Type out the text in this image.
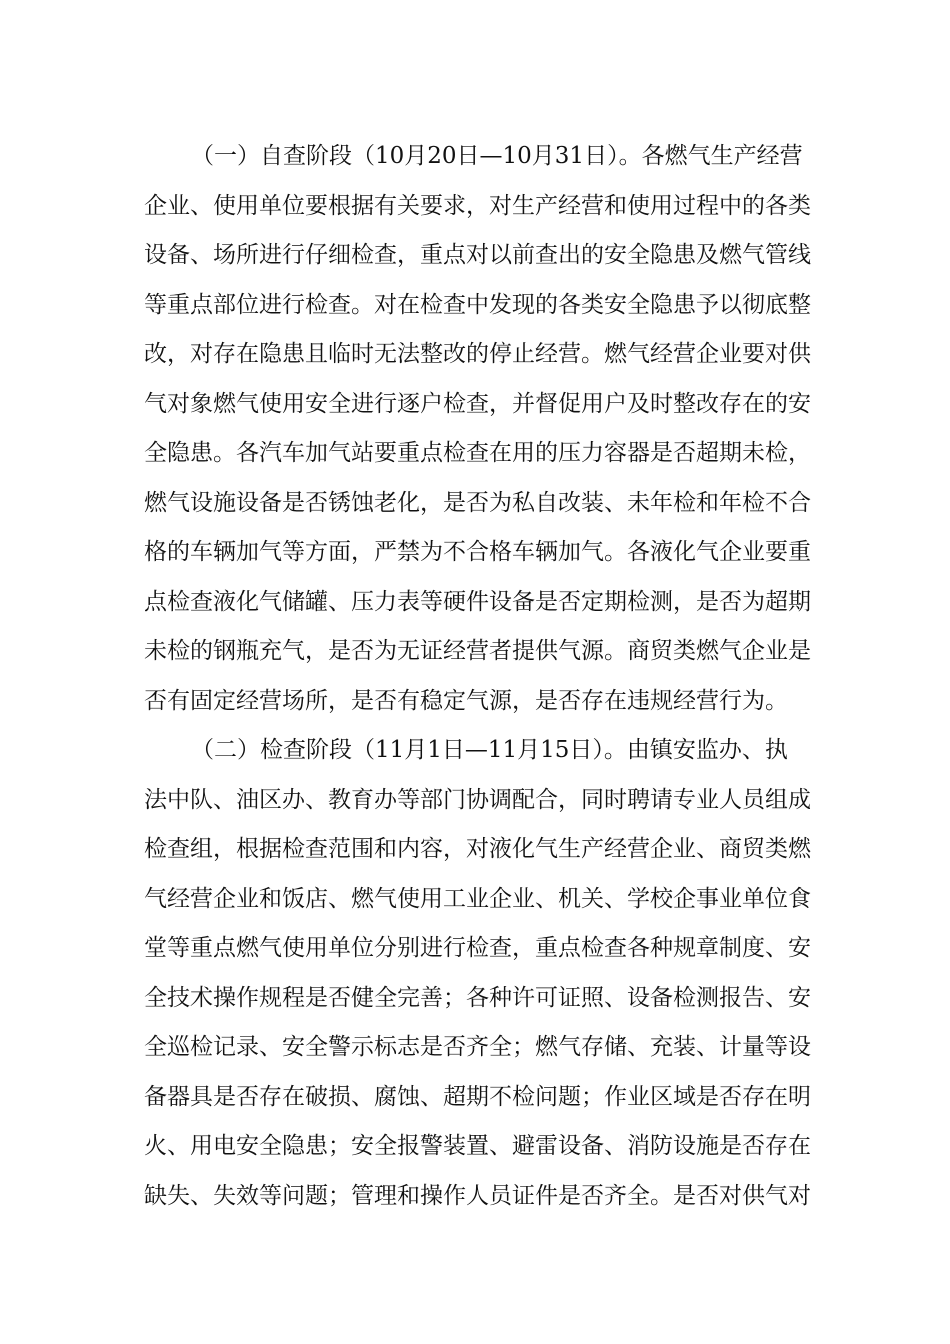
（一）自查阶段（10月20日—10月31日）。各燃气生产经营
企业、使用单位要根据有关要求，对生产经营和使用过程中的各类
设备、场所进行仔细检查，重点对以前查出的安全隐患及燃气管线
等重点部位进行检查。对在检查中发现的各类安全隐患予以彻底整
改，对存在隐患且临时无法整改的停止经营。燃气经营企业要对供
气对象燃气使用安全进行逐户检查，并督促用户及时整改存在的安
全隐患。各汽车加气站要重点检查在用的压力容器是否超期未检，
燃气设施设备是否锈蚀老化，是否为私自改装、未年检和年检不合
格的车辆加气等方面，严禁为不合格车辆加气。各液化气企业要重
点检查液化气储罐、压力表等硬件设备是否定期检测，是否为超期
未检的钢瓶充气，是否为无证经营者提供气源。商贸类燃气企业是
否有固定经营场所，是否有稳定气源，是否存在违规经营行为。
（二）检查阶段（11月1日—11月15日）。由镇安监办、执
法中队、油区办、教育办等部门协调配合，同时聘请专业人员组成
检查组，根据检查范围和内容，对液化气生产经营企业、商贸类燃
气经营企业和饭店、燃气使用工业企业、机关、学校企事业单位食
堂等重点燃气使用单位分别进行检查，重点检查各种规章制度、安
全技术操作规程是否健全完善；各种许可证照、设备检测报告、安
全巡检记录、安全警示标志是否齐全；燃气存储、充装、计量等设
备器具是否存在破损、腐蚀、超期不检问题；作业区域是否存在明
火、用电安全隐患；安全报警装置、避雷设备、消防设施是否存在
缺失、失效等问题；管理和操作人员证件是否齐全。是否对供气对
